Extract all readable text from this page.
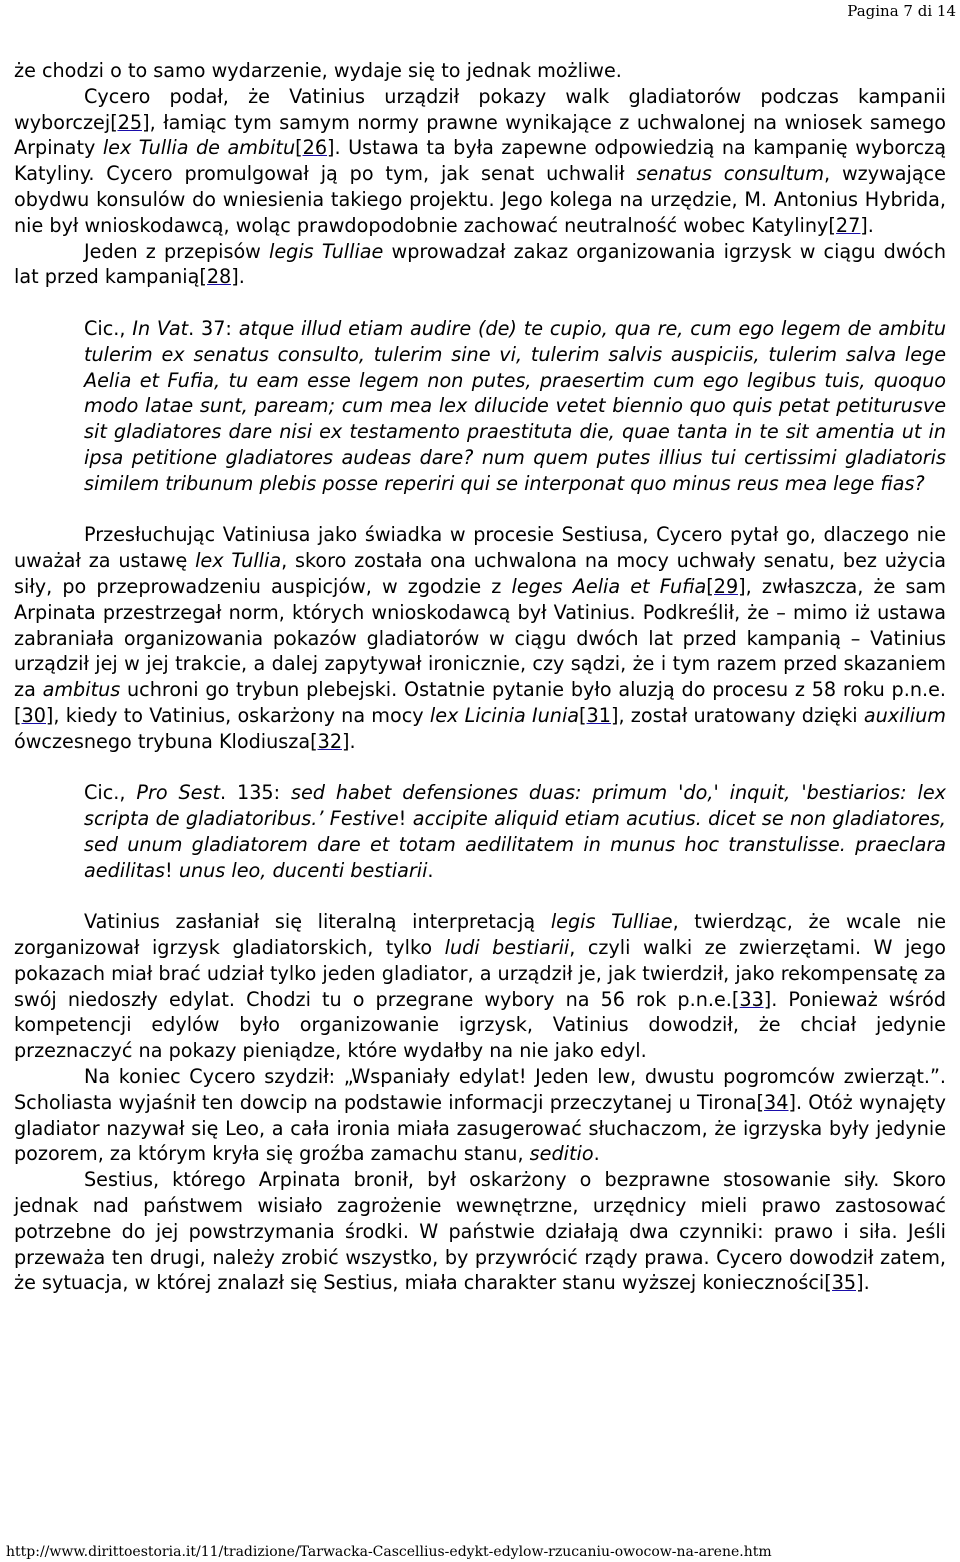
Pagina 7 di 14

że chodzi o to samo wydarzenie, wydaje się to jednak możliwe.
Cycero podał, że Vatinius urządził pokazy walk gladiatorów podczas kampanii wyborczej[25], łamiąc tym samym normy prawne wynikające z uchwalonej na wniosek samego Arpinaty lex Tullia de ambitu[26]. Ustawa ta była zapewne odpowiedzią na kampanię wyborczą Katyliny. Cycero promulgował ją po tym, jak senat uchwalił senatus consultum, wzywające obydwu konsulów do wniesienia takiego projektu. Jego kolega na urzędzie, M. Antonius Hybrida, nie był wnioskodawcą, woląc prawdopodobnie zachować neutralność wobec Katyliny[27].

Jeden z przepisów legis Tulliae wprowadzał zakaz organizowania igrzysk w ciągu dwóch lat przed kampanią[28].

Cic., In Vat. 37: atque illud etiam audire (de) te cupio, qua re, cum ego legem de ambitu tulerim ex senatus consulto, tulerim sine vi, tulerim salvis auspiciis, tulerim salva lege Aelia et Fufia, tu eam esse legem non putes, praesertim cum ego legibus tuis, quoquo modo latae sunt, paream; cum mea lex dilucide vetet biennio quo quis petat petiturusve sit gladiatores dare nisi ex testamento praestituta die, quae tanta in te sit amentia ut in ipsa petitione gladiatores audeas dare? num quem putes illius tui certissimi gladiatoris similem tribunum plebis posse reperiri qui se interponat quo minus reus mea lege fias?

Przesłuchując Vatiniusa jako świadka w procesie Sestiusa, Cycero pytał go, dlaczego nie uważał za ustawę lex Tullia, skoro została ona uchwalona na mocy uchwały senatu, bez użycia siły, po przeprowadzeniu auspicjów, w zgodzie z leges Aelia et Fufia[29], zwłaszcza, że sam Arpinata przestrzegał norm, których wnioskodawcą był Vatinius. Podkreślił, że – mimo iż ustawa zabraniała organizowania pokazów gladiatorów w ciągu dwóch lat przed kampanią – Vatinius urządził jej w jej trakcie, a dalej zapytywał ironicznie, czy sądzi, że i tym razem przed skazaniem za ambitus uchroni go trybun plebejski. Ostatnie pytanie było aluzją do procesu z 58 roku p.n.e.[30], kiedy to Vatinius, oskarżony na mocy lex Licinia Iunia[31], został uratowany dzięki auxilium ówczesnego trybuna Klodiusza[32].

Cic., Pro Sest. 135: sed habet defensiones duas: primum 'do,' inquit, 'bestiarios: lex scripta de gladiatoribus.’ Festive! accipite aliquid etiam acutius. dicet se non gladiatores, sed unum gladiatorem dare et totam aedilitatem in munus hoc transtulisse. praeclara aedilitas! unus leo, ducenti bestiarii.

Vatinius zasłaniał się literalną interpretacją legis Tulliae, twierdząc, że wcale nie zorganizował igrzysk gladiatorskich, tylko ludi bestiarii, czyli walki ze zwierzętami. W jego pokazach miał brać udział tylko jeden gladiator, a urządził je, jak twierdził, jako rekompensatę za swój niedoszły edylat. Chodzi tu o przegrane wybory na 56 rok p.n.e.[33]. Ponieważ wśród kompetencji edylów było organizowanie igrzysk, Vatinius dowodził, że chciał jedynie przeznaczyć na pokazy pieniądze, które wydałby na nie jako edyl.

Na koniec Cycero szydził: „Wspaniały edylat! Jeden lew, dwustu pogromców zwierząt.”. Scholiasta wyjaśnił ten dowcip na podstawie informacji przeczytanej u Tirona[34]. Otóż wynajęty gladiator nazywał się Leo, a cała ironia miała zasugerować słuchaczom, że igrzyska były jedynie pozorem, za którym kryła się groźba zamachu stanu, seditio.

Sestius, którego Arpinata bronił, był oskarżony o bezprawne stosowanie siły. Skoro jednak nad państwem wisiało zagrożenie wewnętrzne, urzędnicy mieli prawo zastosować potrzebne do jej powstrzymania środki. W państwie działają dwa czynniki: prawo i siła. Jeśli przeważa ten drugi, należy zrobić wszystko, by przywrócić rządy prawa. Cycero dowodził zatem, że sytuacja, w której znalazł się Sestius, miała charakter stanu wyższej konieczności[35].

http://www.dirittoestoria.it/11/tradizione/Tarwacka-Cascellius-edykt-edylow-rzucaniu-owocow-na-arene.htm
